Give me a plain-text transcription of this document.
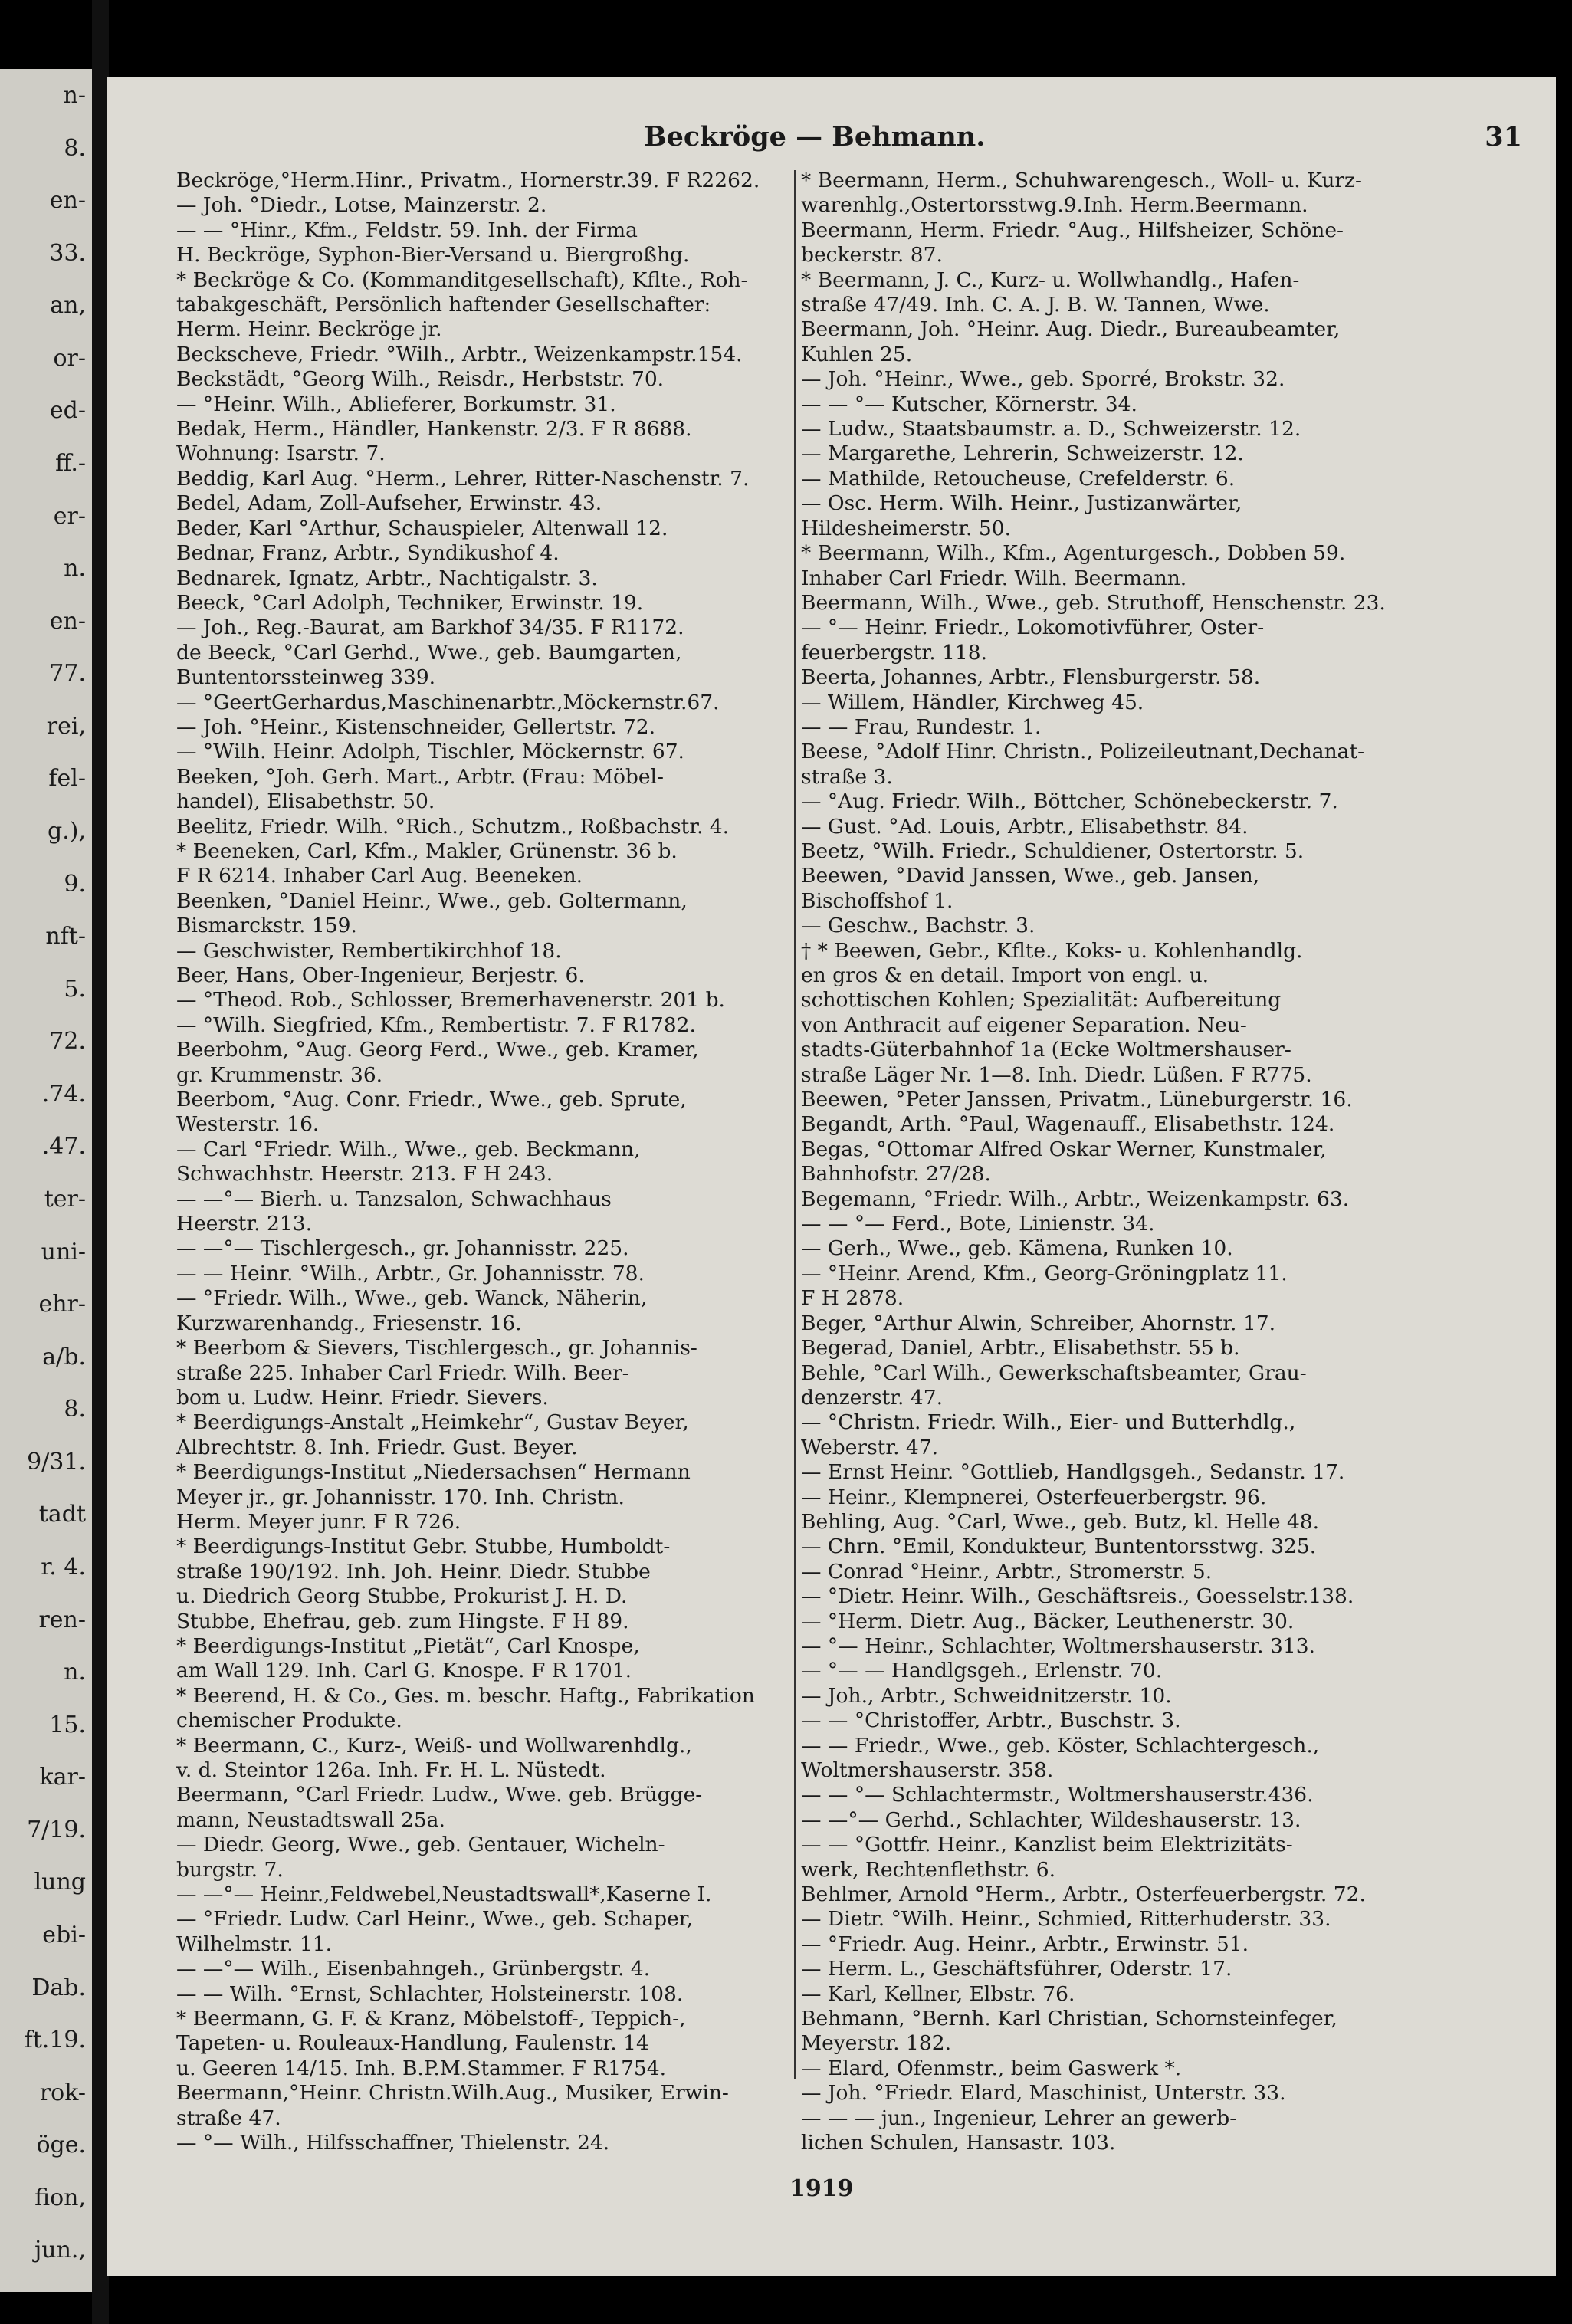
n-
8.
en-
33.
an,
or-
ed-
ff.-
er-
n.
en-
77.
rei,
fel-
g.),
9.
nft-
5.
72.
.74.
.47.
ter-
uni-
ehr-
a/b.
8.
9/31.
tadt
r. 4.
ren-
n.
15.
kar-
7/19.
lung
ebi-
Dab.
ft.19.
rok-
öge.
fion,
jun.,
Beckröge — Behmann.	31

Beckröge,°Herm.Hinr., Privatm., Hornerstr.39. F R2262.

— Joh. °Diedr., Lotse, Mainzerstr. 2.

— — °Hinr., Kfm., Feldstr. 59. Inh. der Firma

H. Beckröge, Syphon-Bier-Versand u. Biergroßhg.

* Beckröge & Co. (Kommanditgesellschaft), Kflte., Roh-

tabakgeschäft, Persönlich haftender Gesellschafter:

Herm. Heinr. Beckröge jr.

Beckscheve, Friedr. °Wilh., Arbtr., Weizenkampstr.154.

Beckstädt, °Georg Wilh., Reisdr., Herbststr. 70.

— °Heinr. Wilh., Ablieferer, Borkumstr. 31.

Bedak, Herm., Händler, Hankenstr. 2/3. F R 8688.

Wohnung: Isarstr. 7.

Beddig, Karl Aug. °Herm., Lehrer, Ritter-Naschenstr. 7.

Bedel, Adam, Zoll-Aufseher, Erwinstr. 43.

Beder, Karl °Arthur, Schauspieler, Altenwall 12.

Bednar, Franz, Arbtr., Syndikushof 4.

Bednarek, Ignatz, Arbtr., Nachtigalstr. 3.

Beeck, °Carl Adolph, Techniker, Erwinstr. 19.

— Joh., Reg.-Baurat, am Barkhof 34/35. F R1172.

de Beeck, °Carl Gerhd., Wwe., geb. Baumgarten,

Buntentorssteinweg 339.

— °GeertGerhardus,Maschinenarbtr.,Möckernstr.67.

— Joh. °Heinr., Kistenschneider, Gellertstr. 72.

— °Wilh. Heinr. Adolph, Tischler, Möckernstr. 67.

Beeken, °Joh. Gerh. Mart., Arbtr. (Frau: Möbel-

handel), Elisabethstr. 50.

Beelitz, Friedr. Wilh. °Rich., Schutzm., Roßbachstr. 4.

* Beeneken, Carl, Kfm., Makler, Grünenstr. 36 b.

F R 6214. Inhaber Carl Aug. Beeneken.

Beenken, °Daniel Heinr., Wwe., geb. Goltermann,

Bismarckstr. 159.

— Geschwister, Rembertikirchhof 18.

Beer, Hans, Ober-Ingenieur, Berjestr. 6.

— °Theod. Rob., Schlosser, Bremerhavenerstr. 201 b.

— °Wilh. Siegfried, Kfm., Rembertistr. 7. F R1782.

Beerbohm, °Aug. Georg Ferd., Wwe., geb. Kramer,

gr. Krummenstr. 36.

Beerbom, °Aug. Conr. Friedr., Wwe., geb. Sprute,

Westerstr. 16.

— Carl °Friedr. Wilh., Wwe., geb. Beckmann,

Schwachhstr. Heerstr. 213. F H 243.

— —°— Bierh. u. Tanzsalon, Schwachhaus

Heerstr. 213.

— —°— Tischlergesch., gr. Johannisstr. 225.

— — Heinr. °Wilh., Arbtr., Gr. Johannisstr. 78.

— °Friedr. Wilh., Wwe., geb. Wanck, Näherin,

Kurzwarenhandg., Friesenstr. 16.

* Beerbom & Sievers, Tischlergesch., gr. Johannis-

straße 225. Inhaber Carl Friedr. Wilh. Beer-

bom u. Ludw. Heinr. Friedr. Sievers.

* Beerdigungs-Anstalt „Heimkehr“, Gustav Beyer,

Albrechtstr. 8. Inh. Friedr. Gust. Beyer.

* Beerdigungs-Institut „Niedersachsen“ Hermann

Meyer jr., gr. Johannisstr. 170. Inh. Christn.

Herm. Meyer junr. F R 726.

* Beerdigungs-Institut Gebr. Stubbe, Humboldt-

straße 190/192. Inh. Joh. Heinr. Diedr. Stubbe

u. Diedrich Georg Stubbe, Prokurist J. H. D.

Stubbe, Ehefrau, geb. zum Hingste. F H 89.

* Beerdigungs-Institut „Pietät“, Carl Knospe,

am Wall 129. Inh. Carl G. Knospe. F R 1701.

* Beerend, H. & Co., Ges. m. beschr. Haftg., Fabrikation

chemischer Produkte.

* Beermann, C., Kurz-, Weiß- und Wollwarenhdlg.,

v. d. Steintor 126a. Inh. Fr. H. L. Nüstedt.

Beermann, °Carl Friedr. Ludw., Wwe. geb. Brügge-

mann, Neustadtswall 25a.

— Diedr. Georg, Wwe., geb. Gentauer, Wicheln-

burgstr. 7.

— —°— Heinr.,Feldwebel,Neustadtswall*,Kaserne I.

— °Friedr. Ludw. Carl Heinr., Wwe., geb. Schaper,

Wilhelmstr. 11.

— —°— Wilh., Eisenbahngeh., Grünbergstr. 4.

— — Wilh. °Ernst, Schlachter, Holsteinerstr. 108.

* Beermann, G. F. & Kranz, Möbelstoff-, Teppich-,

Tapeten- u. Rouleaux-Handlung, Faulenstr. 14

u. Geeren 14/15. Inh. B.P.M.Stammer. F R1754.

Beermann,°Heinr. Christn.Wilh.Aug., Musiker, Erwin-

straße 47.

— °— Wilh., Hilfsschaffner, Thielenstr. 24.

* Beermann, Herm., Schuhwarengesch., Woll- u. Kurz-

warenhlg.,Ostertorsstwg.9.Inh. Herm.Beermann.

Beermann, Herm. Friedr. °Aug., Hilfsheizer, Schöne-

beckerstr. 87.

* Beermann, J. C., Kurz- u. Wollwhandlg., Hafen-

straße 47/49. Inh. C. A. J. B. W. Tannen, Wwe.

Beermann, Joh. °Heinr. Aug. Diedr., Bureaubeamter,

Kuhlen 25.

— Joh. °Heinr., Wwe., geb. Sporré, Brokstr. 32.

— — °— Kutscher, Körnerstr. 34.

— Ludw., Staatsbaumstr. a. D., Schweizerstr. 12.

— Margarethe, Lehrerin, Schweizerstr. 12.

— Mathilde, Retoucheuse, Crefelderstr. 6.

— Osc. Herm. Wilh. Heinr., Justizanwärter,

Hildesheimerstr. 50.

* Beermann, Wilh., Kfm., Agenturgesch., Dobben 59.

Inhaber Carl Friedr. Wilh. Beermann.

Beermann, Wilh., Wwe., geb. Struthoff, Henschenstr. 23.

— °— Heinr. Friedr., Lokomotivführer, Oster-

feuerbergstr. 118.

Beerta, Johannes, Arbtr., Flensburgerstr. 58.

— Willem, Händler, Kirchweg 45.

— — Frau, Rundestr. 1.

Beese, °Adolf Hinr. Christn., Polizeileutnant,Dechanat-

straße 3.

— °Aug. Friedr. Wilh., Böttcher, Schönebeckerstr. 7.

— Gust. °Ad. Louis, Arbtr., Elisabethstr. 84.

Beetz, °Wilh. Friedr., Schuldiener, Ostertorstr. 5.

Beewen, °David Janssen, Wwe., geb. Jansen,

Bischoffshof 1.

— Geschw., Bachstr. 3.

† * Beewen, Gebr., Kflte., Koks- u. Kohlenhandlg.

en gros & en detail. Import von engl. u.

schottischen Kohlen; Spezialität: Aufbereitung

von Anthracit auf eigener Separation. Neu-

stadts-Güterbahnhof 1a (Ecke Woltmershauser-

straße Läger Nr. 1—8. Inh. Diedr. Lüßen. F R775.

Beewen, °Peter Janssen, Privatm., Lüneburgerstr. 16.

Begandt, Arth. °Paul, Wagenauff., Elisabethstr. 124.

Begas, °Ottomar Alfred Oskar Werner, Kunstmaler,

Bahnhofstr. 27/28.

Begemann, °Friedr. Wilh., Arbtr., Weizenkampstr. 63.

— — °— Ferd., Bote, Linienstr. 34.

— Gerh., Wwe., geb. Kämena, Runken 10.

— °Heinr. Arend, Kfm., Georg-Gröningplatz 11.

F H 2878.

Beger, °Arthur Alwin, Schreiber, Ahornstr. 17.

Begerad, Daniel, Arbtr., Elisabethstr. 55 b.

Behle, °Carl Wilh., Gewerkschaftsbeamter, Grau-

denzerstr. 47.

— °Christn. Friedr. Wilh., Eier- und Butterhdlg.,

Weberstr. 47.

— Ernst Heinr. °Gottlieb, Handlgsgeh., Sedanstr. 17.

— Heinr., Klempnerei, Osterfeuerbergstr. 96.

Behling, Aug. °Carl, Wwe., geb. Butz, kl. Helle 48.

— Chrn. °Emil, Kondukteur, Buntentorsstwg. 325.

— Conrad °Heinr., Arbtr., Stromerstr. 5.

— °Dietr. Heinr. Wilh., Geschäftsreis., Goesselstr.138.

— °Herm. Dietr. Aug., Bäcker, Leuthenerstr. 30.

— °— Heinr., Schlachter, Woltmershauserstr. 313.

— °— — Handlgsgeh., Erlenstr. 70.

— Joh., Arbtr., Schweidnitzerstr. 10.

— — °Christoffer, Arbtr., Buschstr. 3.

— — Friedr., Wwe., geb. Köster, Schlachtergesch.,

Woltmershauserstr. 358.

— — °— Schlachtermstr., Woltmershauserstr.436.

— —°— Gerhd., Schlachter, Wildeshauserstr. 13.

— — °Gottfr. Heinr., Kanzlist beim Elektrizitäts-

werk, Rechtenflethstr. 6.

Behlmer, Arnold °Herm., Arbtr., Osterfeuerbergstr. 72.

— Dietr. °Wilh. Heinr., Schmied, Ritterhuderstr. 33.

— °Friedr. Aug. Heinr., Arbtr., Erwinstr. 51.

— Herm. L., Geschäftsführer, Oderstr. 17.

— Karl, Kellner, Elbstr. 76.

Behmann, °Bernh. Karl Christian, Schornsteinfeger,

Meyerstr. 182.

— Elard, Ofenmstr., beim Gaswerk *.

— Joh. °Friedr. Elard, Maschinist, Unterstr. 33.

— — — jun., Ingenieur, Lehrer an gewerb-

lichen Schulen, Hansastr. 103.

1919
